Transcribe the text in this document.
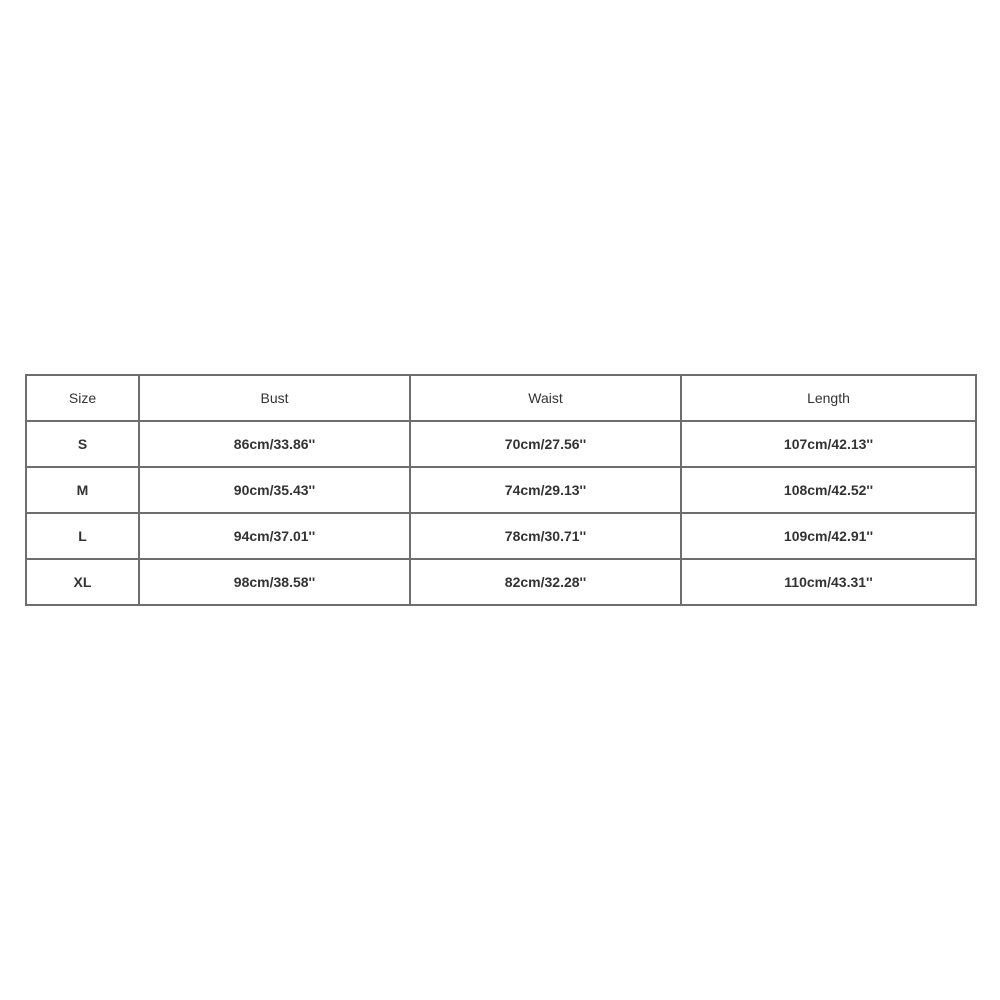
Size	Bust	Waist	Length
S	86cm/33.86''	70cm/27.56''	107cm/42.13''
M	90cm/35.43''	74cm/29.13''	108cm/42.52''
L	94cm/37.01''	78cm/30.71''	109cm/42.91''
XL	98cm/38.58''	82cm/32.28''	110cm/43.31''
